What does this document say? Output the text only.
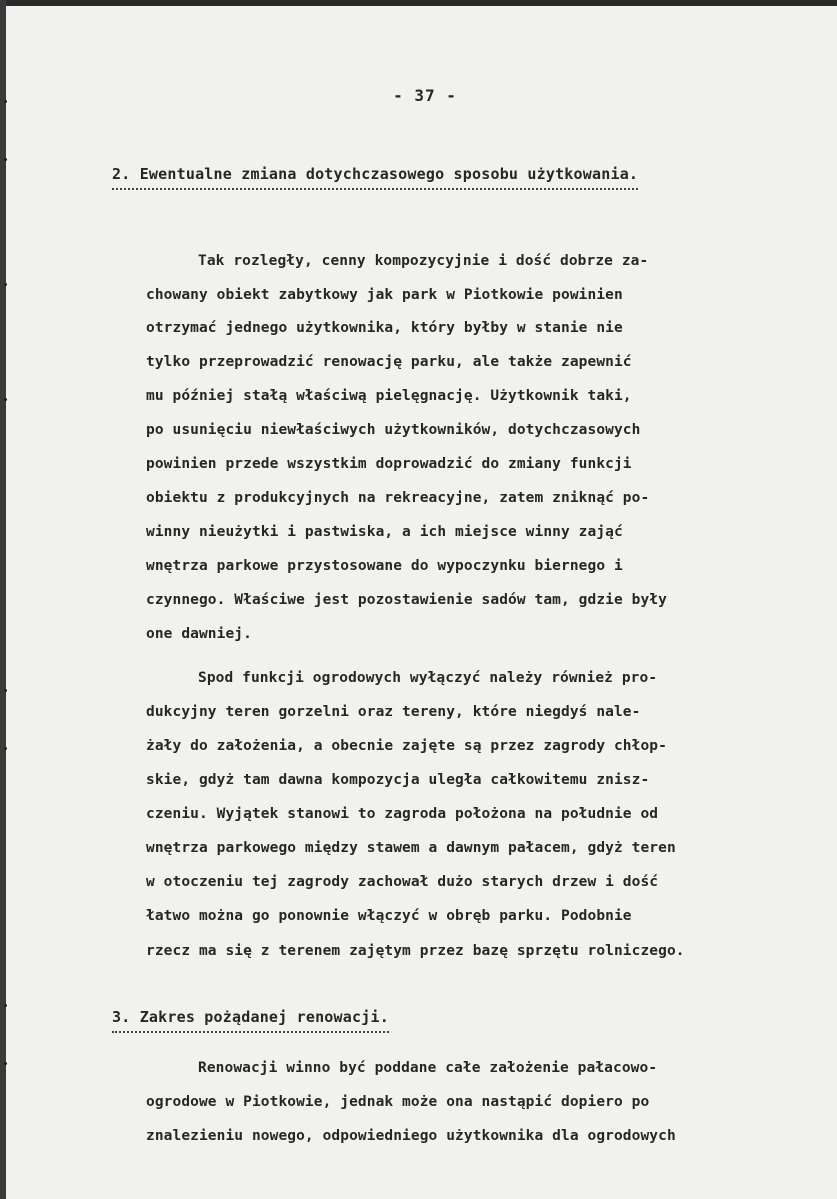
- 37 -
2. Ewentualne zmiana dotychczasowego sposobu użytkowania.
Tak rozległy, cenny kompozycyjnie i dość dobrze za-
chowany obiekt zabytkowy jak park w Piotkowie powinien
otrzymać jednego użytkownika, który byłby w stanie nie
tylko przeprowadzić renowację parku, ale także zapewnić
mu później stałą właściwą pielęgnację. Użytkownik taki,
po usunięciu niewłaściwych użytkowników, dotychczasowych
powinien przede wszystkim doprowadzić do zmiany funkcji
obiektu z produkcyjnych na rekreacyjne, zatem zniknąć po-
winny nieużytki i pastwiska, a ich miejsce winny zająć
wnętrza parkowe przystosowane do wypoczynku biernego i
czynnego. Właściwe jest pozostawienie sadów tam, gdzie były
one dawniej.
Spod funkcji ogrodowych wyłączyć należy również pro-
dukcyjny teren gorzelni oraz tereny, które niegdyś nale-
żały do założenia, a obecnie zajęte są przez zagrody chłop-
skie, gdyż tam dawna kompozycja uległa całkowitemu znisz-
czeniu. Wyjątek stanowi to zagroda położona na południe od
wnętrza parkowego między stawem a dawnym pałacem, gdyż teren
w otoczeniu tej zagrody zachował dużo starych drzew i dość
łatwo można go ponownie włączyć w obręb parku. Podobnie
rzecz ma się z terenem zajętym przez bazę sprzętu rolniczego.
3. Zakres pożądanej renowacji.
Renowacji winno być poddane całe założenie pałacowo-
ogrodowe w Piotkowie, jednak może ona nastąpić dopiero po
znalezieniu nowego, odpowiedniego użytkownika dla ogrodowych
